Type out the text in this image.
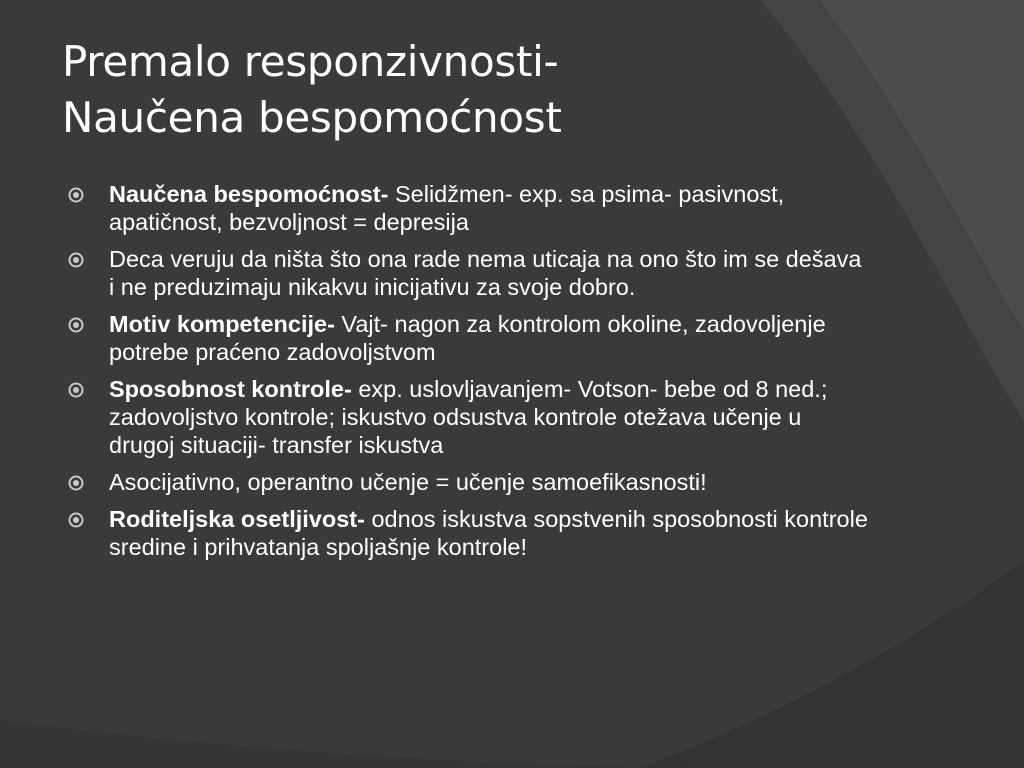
Premalo responzivnosti-
Naučena bespomoćnost
Naučena bespomoćnost- Selidžmen- exp. sa psima- pasivnost, apatičnost, bezvoljnost = depresija
Deca veruju da ništa što ona rade nema uticaja na ono što im se dešava i ne preduzimaju nikakvu inicijativu za svoje dobro.
Motiv kompetencije- Vajt- nagon za kontrolom okoline, zadovoljenje potrebe praćeno zadovoljstvom
Sposobnost kontrole- exp. uslovljavanjem- Votson- bebe od 8 ned.; zadovoljstvo kontrole; iskustvo odsustva kontrole otežava učenje u drugoj situaciji- transfer iskustva
Asocijativno, operantno učenje = učenje samoefikasnosti!
Roditeljska osetljivost- odnos iskustva sopstvenih sposobnosti kontrole sredine i prihvatanja spoljašnje kontrole!
